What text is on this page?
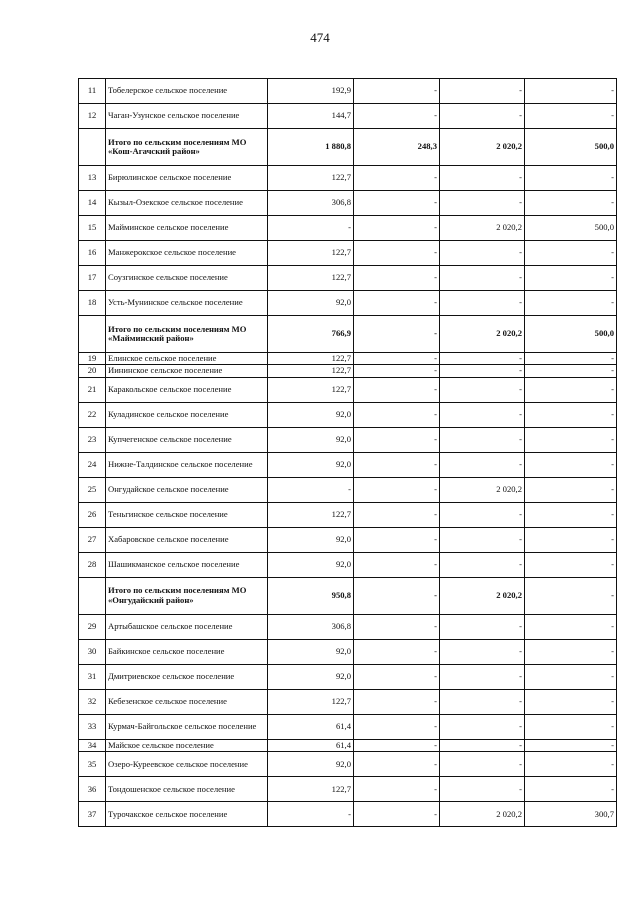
474
11	Тобелерское сельское поселение	192,9	-	-	-
12	Чаган-Узунское сельское поселение	144,7	-	-	-
	Итого по сельским поселениям МО «Кош-Агачский район»	1 880,8	248,3	2 020,2	500,0
13	Бирюлинское сельское поселение	122,7	-	-	-
14	Кызыл-Озекское сельское поселение	306,8	-	-	-
15	Майминское сельское поселение	-	-	2 020,2	500,0
16	Манжерокское сельское поселение	122,7	-	-	-
17	Соузгинское сельское поселение	122,7	-	-	-
18	Усть-Мунинское сельское поселение	92,0	-	-	-
	Итого по сельским поселениям МО «Майминский район»	766,9	-	2 020,2	500,0
19	Елинское сельское поселение	122,7	-	-	-
20	Иининское сельское поселение	122,7	-	-	-
21	Каракольское сельское поселение	122,7	-	-	-
22	Куладинское сельское поселение	92,0	-	-	-
23	Купчегенское сельское поселение	92,0	-	-	-
24	Нижне-Талдинское сельское поселение	92,0	-	-	-
25	Онгудайское сельское поселение	-	-	2 020,2	-
26	Теньгинское сельское поселение	122,7	-	-	-
27	Хабаровское сельское поселение	92,0	-	-	-
28	Шашикманское сельское поселение	92,0	-	-	-
	Итого по сельским поселениям МО «Онгудайский район»	950,8	-	2 020,2	-
29	Артыбашское сельское поселение	306,8	-	-	-
30	Байкинское сельское поселение	92,0	-	-	-
31	Дмитриевское сельское поселение	92,0	-	-	-
32	Кебезенское сельское поселение	122,7	-	-	-
33	Курмач-Байгольское сельское поселение	61,4	-	-	-
34	Майское сельское поселение	61,4	-	-	-
35	Озеро-Куреевское сельское поселение	92,0	-	-	-
36	Тондошенское сельское поселение	122,7	-	-	-
37	Турочакское сельское поселение	-	-	2 020,2	300,7
